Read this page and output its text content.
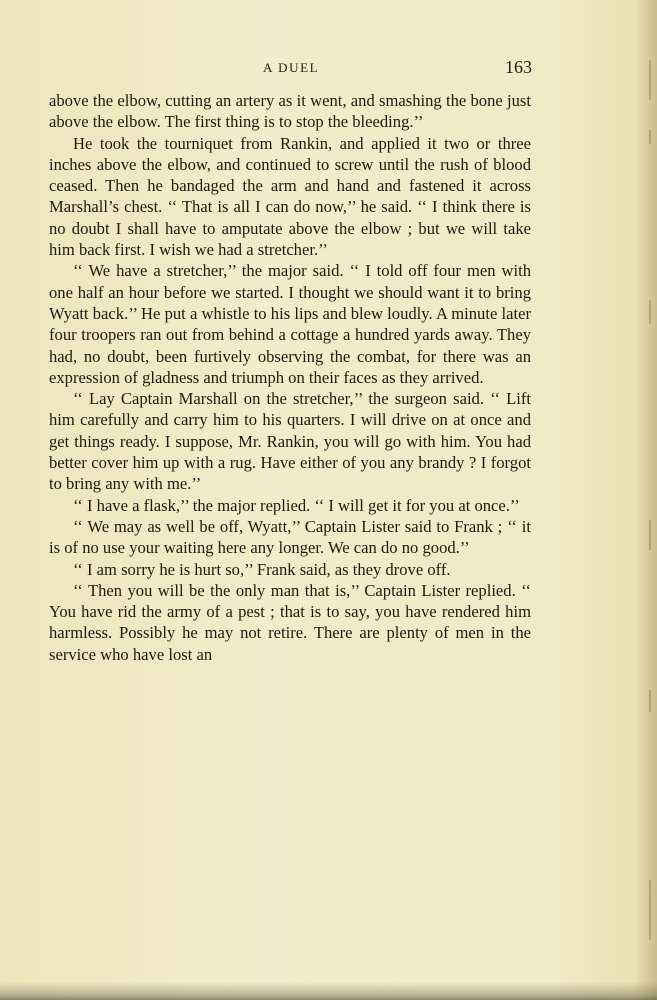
A DUEL	163

above the elbow, cutting an artery as it went, and smashing the bone just above the elbow. The first thing is to stop the bleeding.’’

He took the tourniquet from Rankin, and applied it two or three inches above the elbow, and continued to screw until the rush of blood ceased. Then he bandaged the arm and hand and fastened it across Marshall’s chest. ‘‘ That is all I can do now,’’ he said. ‘‘ I think there is no doubt I shall have to amputate above the elbow ; but we will take him back first. I wish we had a stretcher.’’

‘‘ We have a stretcher,’’ the major said. ‘‘ I told off four men with one half an hour before we started. I thought we should want it to bring Wyatt back.’’ He put a whistle to his lips and blew loudly. A minute later four troopers ran out from behind a cottage a hundred yards away. They had, no doubt, been furtively observing the combat, for there was an expression of gladness and triumph on their faces as they arrived.

‘‘ Lay Captain Marshall on the stretcher,’’ the surgeon said. ‘‘ Lift him carefully and carry him to his quarters. I will drive on at once and get things ready. I suppose, Mr. Rankin, you will go with him. You had better cover him up with a rug. Have either of you any brandy ? I forgot to bring any with me.’’

‘‘ I have a flask,’’ the major replied. ‘‘ I will get it for you at once.’’

‘‘ We may as well be off, Wyatt,’’ Captain Lister said to Frank ; ‘‘ it is of no use your waiting here any longer. We can do no good.’’

‘‘ I am sorry he is hurt so,’’ Frank said, as they drove off.

‘‘ Then you will be the only man that is,’’ Captain Lister replied. ‘‘ You have rid the army of a pest ; that is to say, you have rendered him harmless. Possibly he may not retire. There are plenty of men in the service who have lost an
